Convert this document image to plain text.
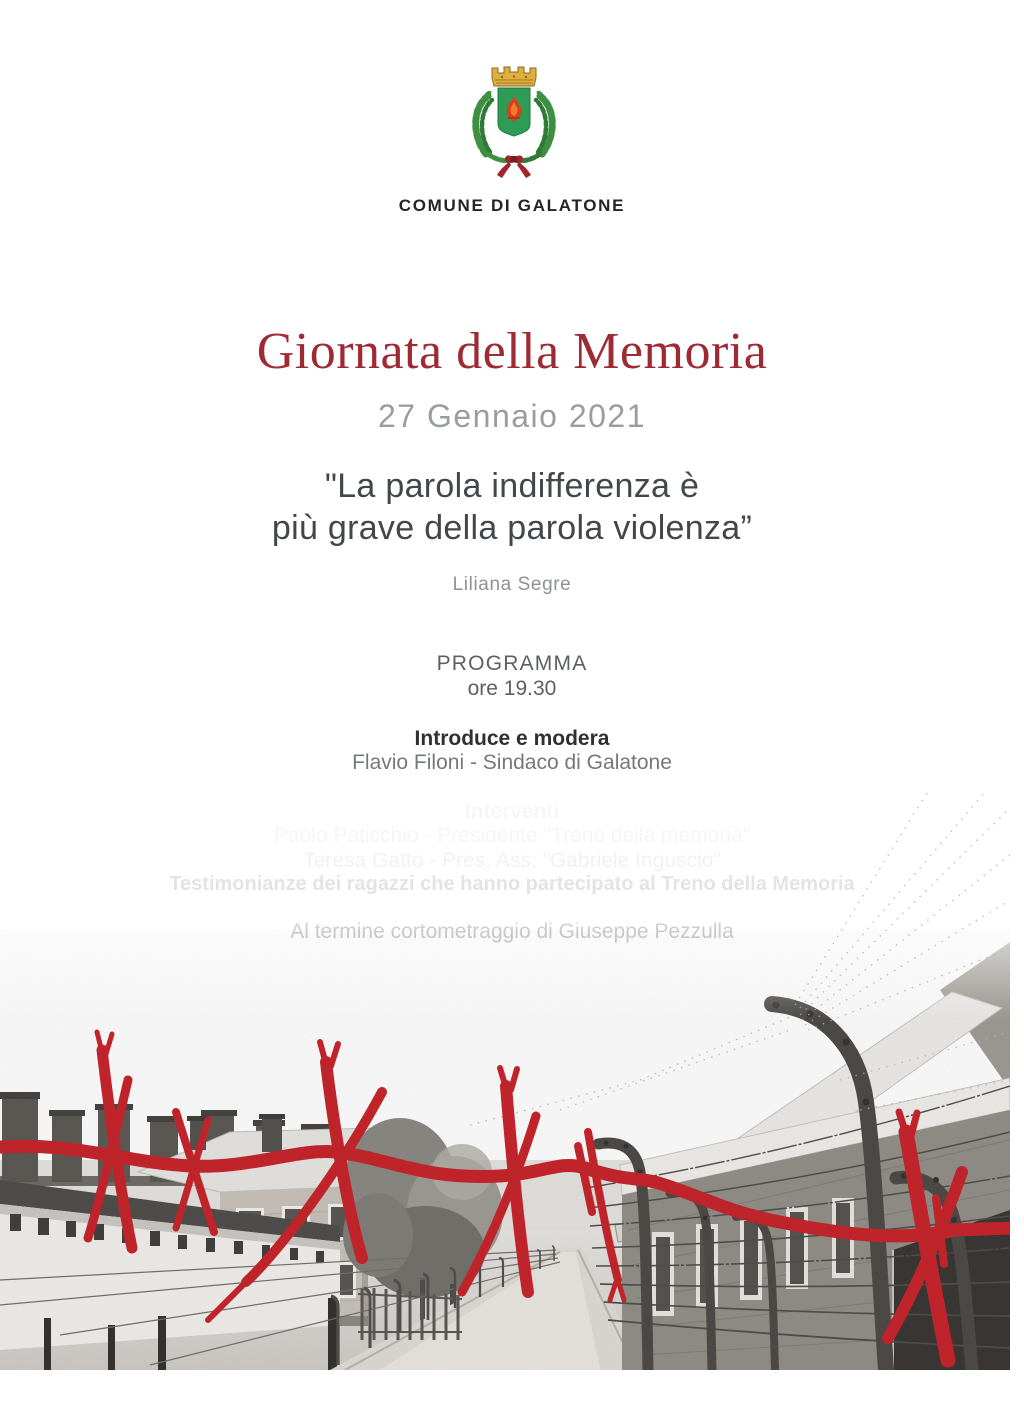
COMUNE DI GALATONE
Giornata della Memoria
27 Gennaio 2021
"La parola indifferenza è
più grave della parola violenza”
Liliana Segre
PROGRAMMA
ore 19.30
Introduce e modera
Flavio Filoni - Sindaco di Galatone
